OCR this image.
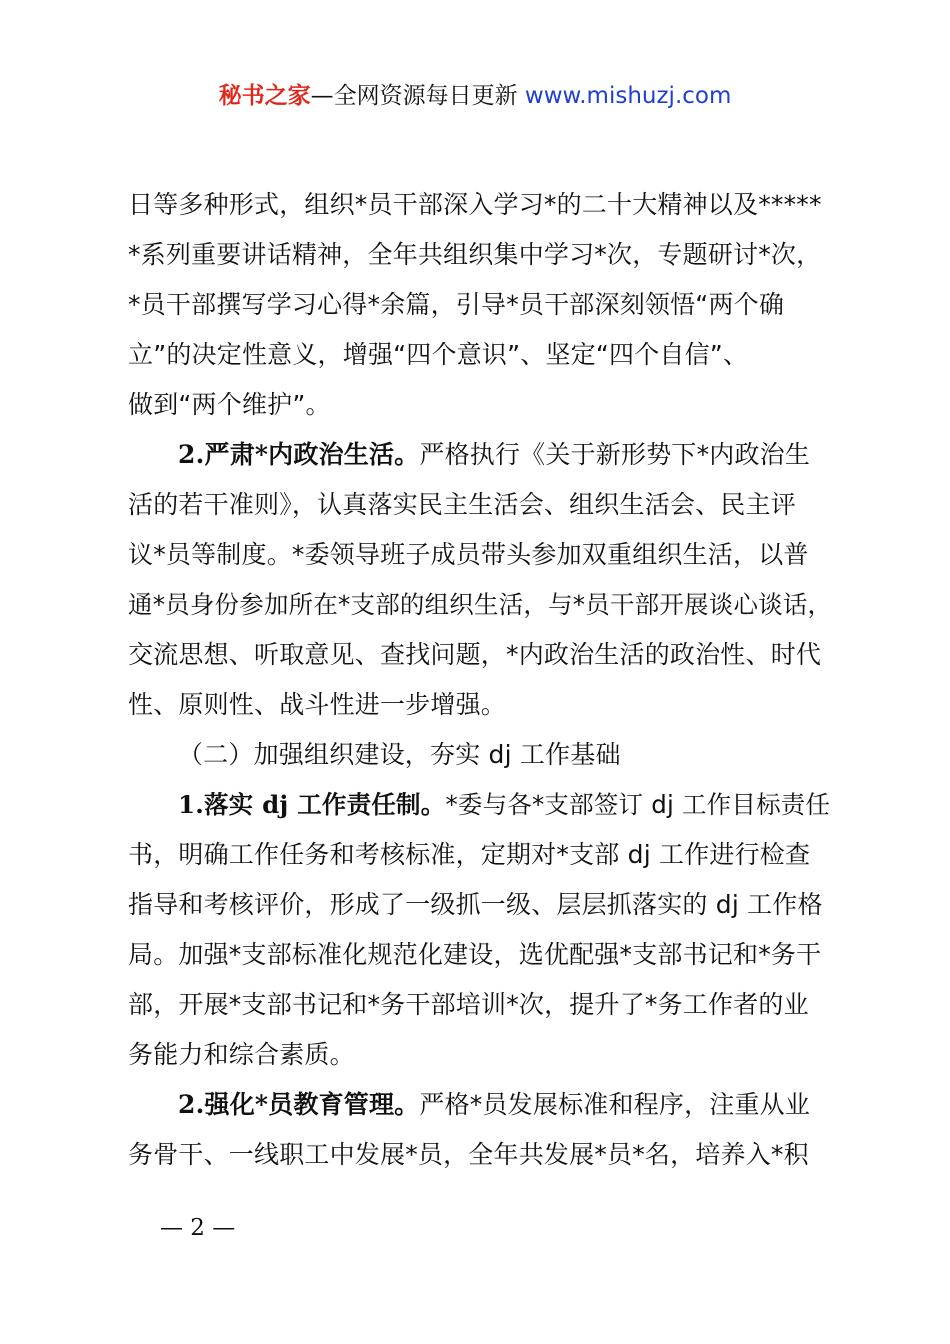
秘书之家—全网资源每日更新 www.mishuzj.com
日等多种形式，组织*员干部深入学习*的二十大精神以及*****
*系列重要讲话精神，全年共组织集中学习*次，专题研讨*次，
*员干部撰写学习心得*余篇，引导*员干部深刻领悟“两个确
立”的决定性意义，增强“四个意识”、坚定“四个自信”、
做到“两个维护”。
2.严肃*内政治生活。严格执行《关于新形势下*内政治生
活的若干准则》，认真落实民主生活会、组织生活会、民主评
议*员等制度。*委领导班子成员带头参加双重组织生活，以普
通*员身份参加所在*支部的组织生活，与*员干部开展谈心谈话，
交流思想、听取意见、查找问题，*内政治生活的政治性、时代
性、原则性、战斗性进一步增强。
（二）加强组织建设，夯实 dj 工作基础
1.落实 dj 工作责任制。*委与各*支部签订 dj 工作目标责任
书，明确工作任务和考核标准，定期对*支部 dj 工作进行检查
指导和考核评价，形成了一级抓一级、层层抓落实的 dj 工作格
局。加强*支部标准化规范化建设，选优配强*支部书记和*务干
部，开展*支部书记和*务干部培训*次，提升了*务工作者的业
务能力和综合素质。
2.强化*员教育管理。严格*员发展标准和程序，注重从业
务骨干、一线职工中发展*员，全年共发展*员*名，培养入*积
— 2 —
